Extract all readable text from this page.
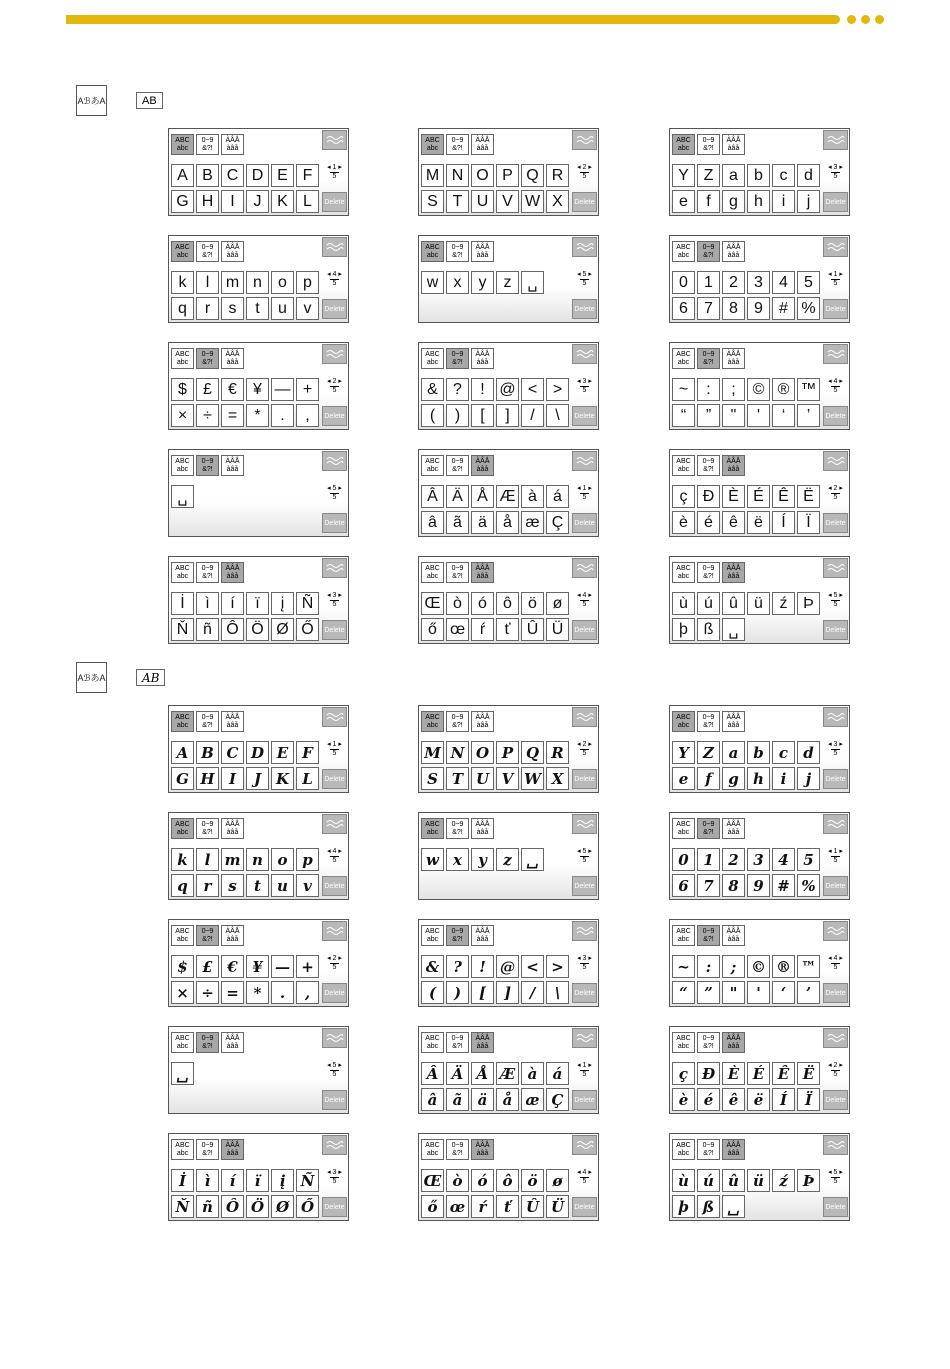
AℬあA	AB
ABC
abc
0~9
&?!
ÀÂÅ
àâå
◂ 1 ▸
5
Delete
A B C D E F
G H	I	J K L
ABC
abc
0~9
&?!
ÀÂÅ
àâå
◂ 2 ▸
5
Delete
M N O P Q R
S T U V W X
ABC
abc
0~9
&?!
ÀÂÅ
àâå
◂ 3 ▸
5
Delete
Y Z a	b	c	d
e	f	g	h	i	j
ABC
abc
0~9
&?!
ÀÂÅ
àâå
◂ 4 ▸
5
Delete
k	l	m n	o	p
q	r	s	t	u	v
ABC
abc
0~9
&?!
ÀÂÅ
àâå
◂ 5 ▸
5
Delete
w x	y	z ␣
ABC
abc
0~9
&?!
ÀÂÅ
àâå
◂ 1 ▸
5
Delete
0	1	2	3	4	5
6	7	8	9	# %
ABC
abc
0~9
&?!
ÀÂÅ
àâå
◂ 2 ▸
5
Delete
$	£	€	¥ — +
× ÷ =	*	.	,
ABC
abc
0~9
&?!
ÀÂÅ
àâå
◂ 3 ▸
5
Delete
& ?	! @ < >
(	)	[	]	/	\
ABC
abc
0~9
&?!
ÀÂÅ
àâå
◂ 4 ▸
5
Delete
~	:	;	© ® ™
“	”	"	'	‘	’
ABC
abc
0~9
&?!
ÀÂÅ
àâå
◂ 5 ▸
5
Delete
␣
ABC
abc
0~9
&?!
ÀÂÅ
àâå
◂ 1 ▸
5
Delete
Â Ä Å Æ à	á
â	ã	ä	å æ Ç
ABC
abc
0~9
&?!
ÀÂÅ
àâå
◂ 2 ▸
5
Delete
ç Ð È É Ê Ë
è	é	ê	ë	Í	Ï
ABC
abc
0~9
&?!
ÀÂÅ
àâå
◂ 3 ▸
5
Delete
İ	ì	í	ï	į	Ñ
Ň ñ Ô Ö Ø Ő
ABC
abc
0~9
&?!
ÀÂÅ
àâå
◂ 4 ▸
5
Delete
Œ ò	ó	ô	ö ø
ő œ ŕ	ť	Û Ü
ABC
abc
0~9
&?!
ÀÂÅ
àâå
◂ 5 ▸
5
Delete
ù	ú	û	ü	ź Þ
þ ß ␣
AℬあA	AB
ABC
abc
0~9
&?!
ÀÂÅ
àâå
◂ 1 ▸
5
Delete
A B C D E F
G H I	J K L
ABC
abc
0~9
&?!
ÀÂÅ
àâå
◂ 2 ▸
5
Delete
M N O P Q R
S T U V W X
ABC
abc
0~9
&?!
ÀÂÅ
àâå
◂ 3 ▸
5
Delete
Y Z a b	c	d
e	f	g h	i	j
ABC
abc
0~9
&?!
ÀÂÅ
àâå
◂ 4 ▸
5
Delete
k	l m n o p
q	r	s	t	u	v
ABC
abc
0~9
&?!
ÀÂÅ
àâå
◂ 5 ▸
5
Delete
w x	y	z ␣
ABC
abc
0~9
&?!
ÀÂÅ
àâå
◂ 1 ▸
5
Delete
0 1 2 3 4 5
6 7 8 9 # %
ABC
abc
0~9
&?!
ÀÂÅ
àâå
◂ 2 ▸
5
Delete
$ £ € ¥ — +
× ÷ = *	.	,
ABC
abc
0~9
&?!
ÀÂÅ
àâå
◂ 3 ▸
5
Delete
& ?	! @ < >
(	)	[	]	/	\
ABC
abc
0~9
&?!
ÀÂÅ
àâå
◂ 4 ▸
5
Delete
~	:	; © ® ™
“	”	"	'	‘	’
ABC
abc
0~9
&?!
ÀÂÅ
àâå
◂ 5 ▸
5
Delete
␣
ABC
abc
0~9
&?!
ÀÂÅ
àâå
◂ 1 ▸
5
Delete
Â Ä Å Æ à	á
â	ã	ä	å æ Ç
ABC
abc
0~9
&?!
ÀÂÅ
àâå
◂ 2 ▸
5
Delete
ç Ð È É Ê Ë
è	é	ê	ë	Í	Ï
ABC
abc
0~9
&?!
ÀÂÅ
àâå
◂ 3 ▸
5
Delete
İ	ì	í	ï	į	Ñ
Ň ñ Ô Ö Ø Ő
ABC
abc
0~9
&?!
ÀÂÅ
àâå
◂ 4 ▸
5
Delete
Œ ò ó ô ö ø
ő œ ŕ	ť Û Ü
ABC
abc
0~9
&?!
ÀÂÅ
àâå
◂ 5 ▸
5
Delete
ù ú û ü	ź	Þ
þ ß ␣
